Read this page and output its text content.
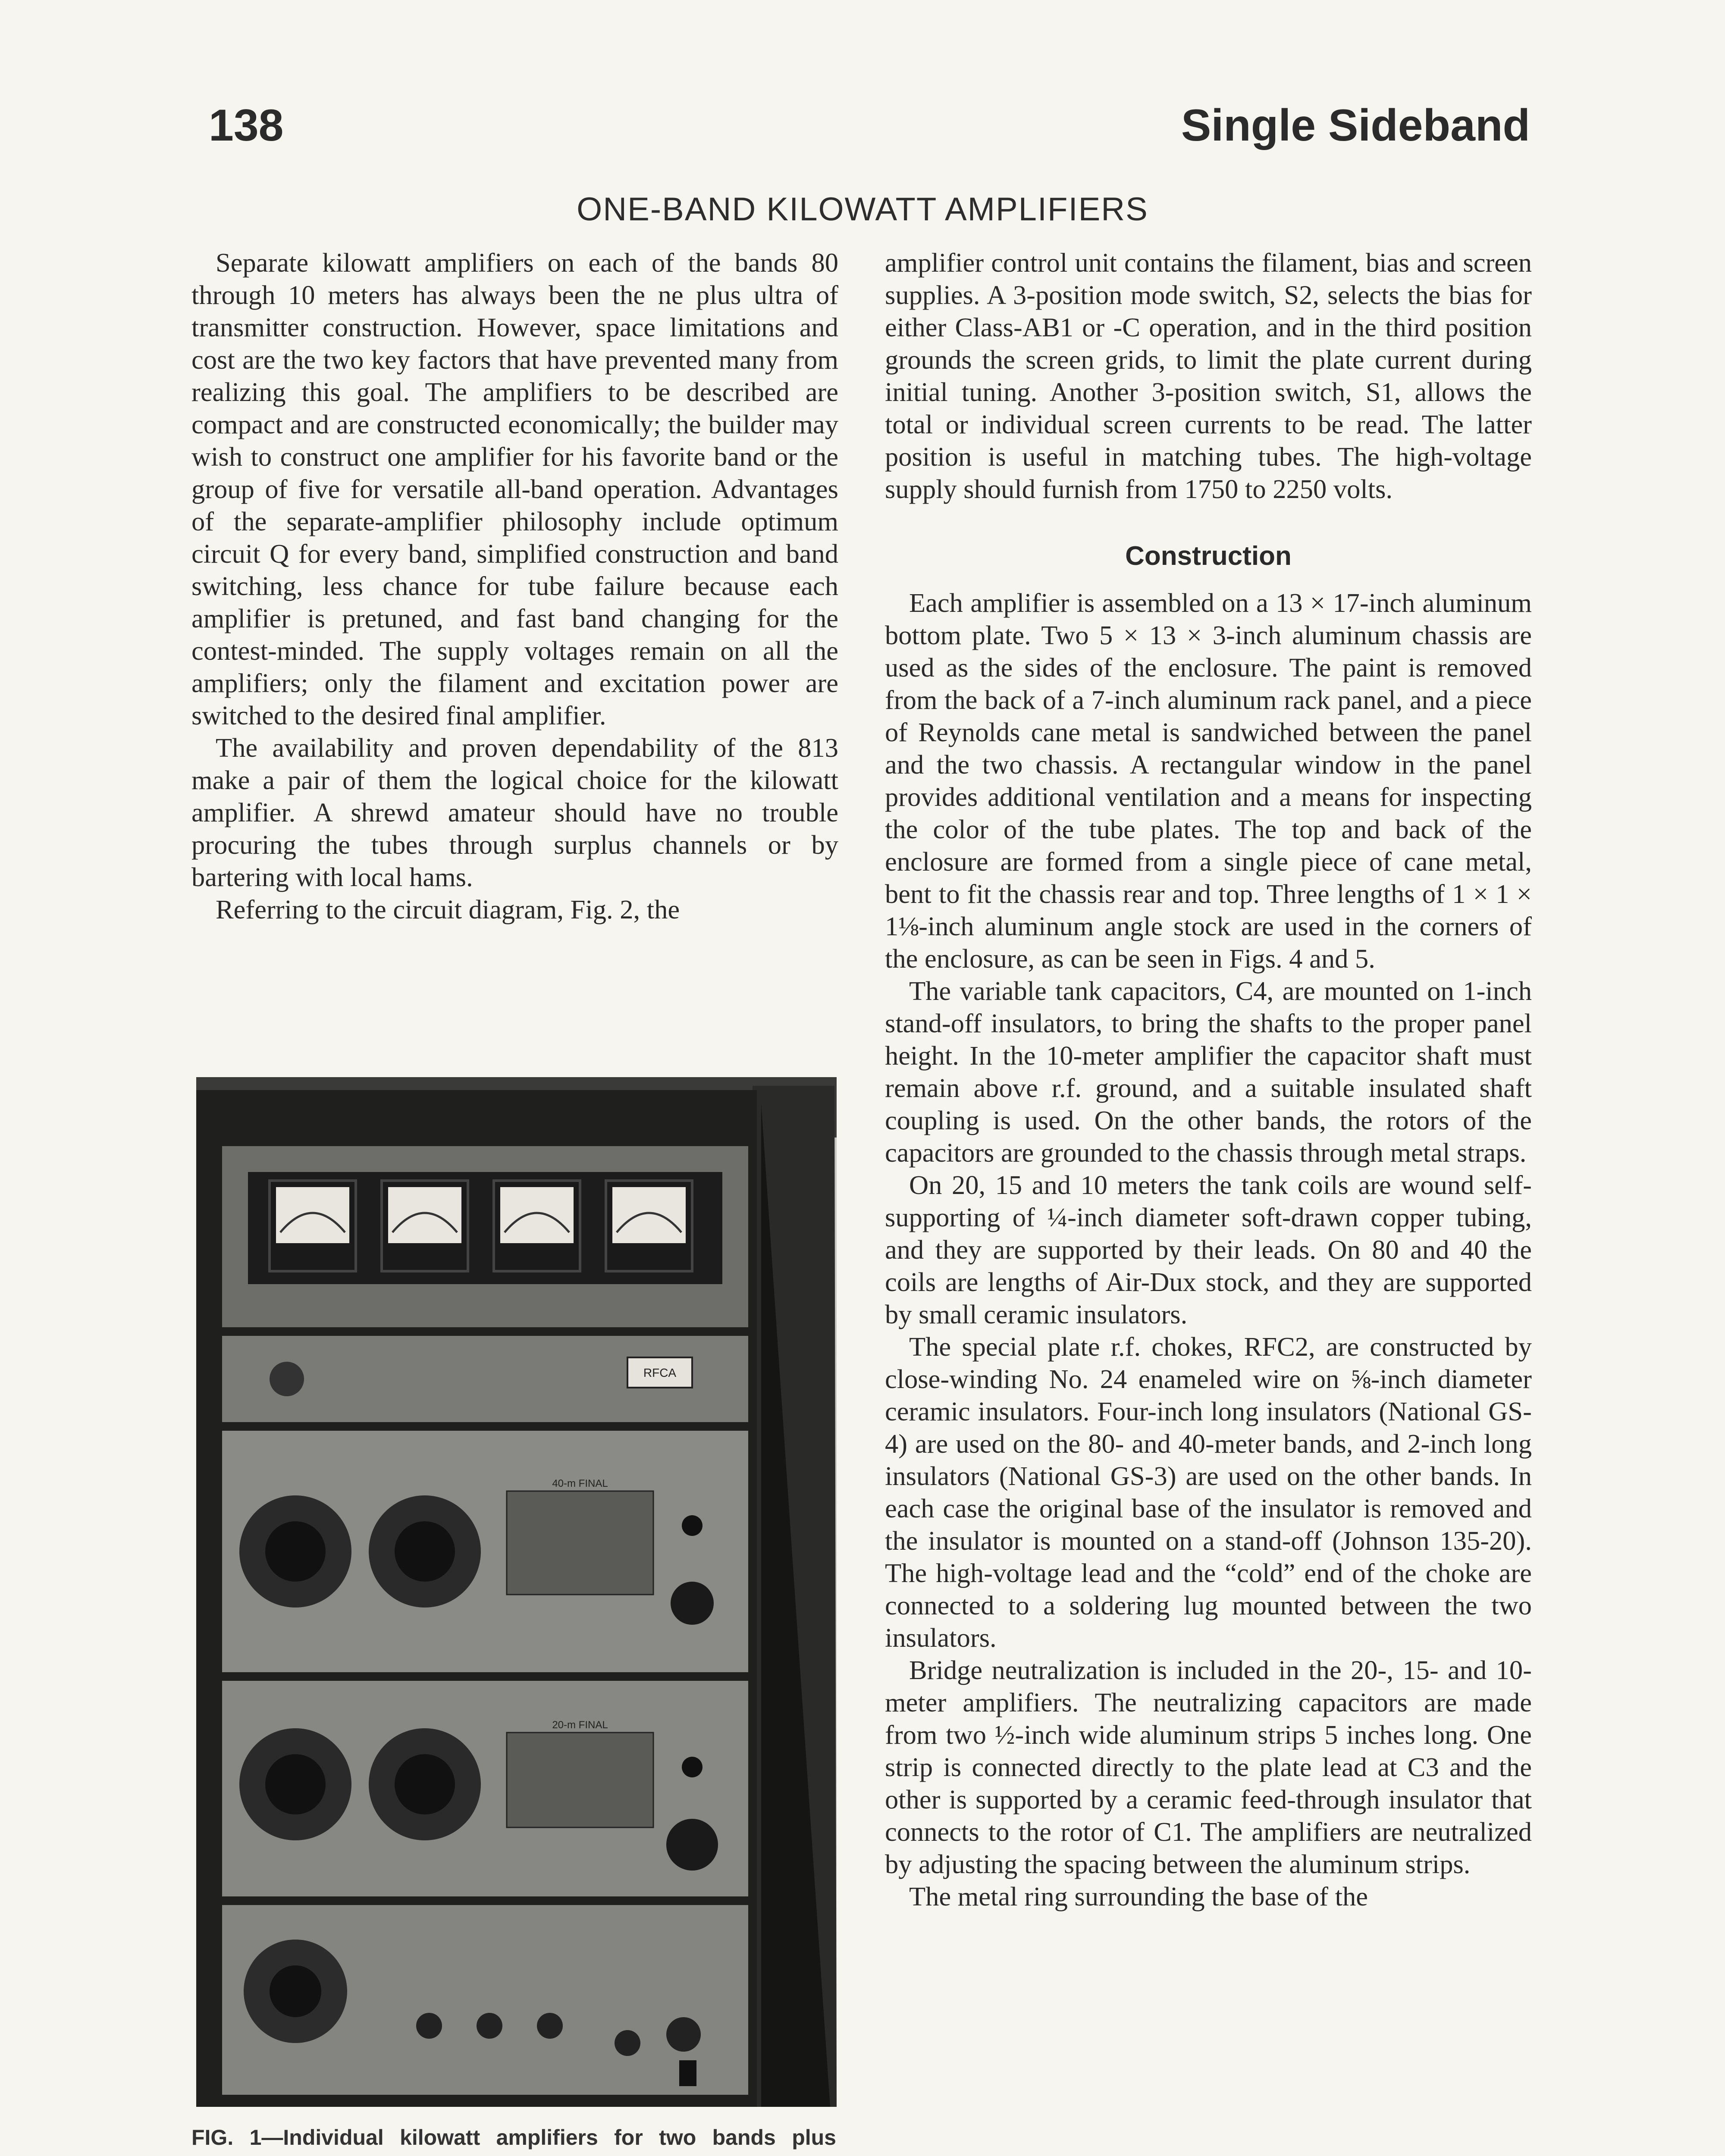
138	Single Sideband
ONE-BAND KILOWATT AMPLIFIERS

Separate kilowatt amplifiers on each of the bands 80 through 10 meters has always been the ne plus ultra of transmitter construction. However, space limitations and cost are the two key factors that have prevented many from realizing this goal. The amplifiers to be described are compact and are constructed economically; the builder may wish to construct one amplifier for his favorite band or the group of five for versatile all-band operation. Advantages of the separate-amplifier philosophy include optimum circuit Q for every band, simplified construction and band switching, less chance for tube failure because each amplifier is pretuned, and fast band changing for the contest-minded. The supply voltages remain on all the amplifiers; only the filament and excitation power are switched to the desired final amplifier.

The availability and proven dependability of the 813 make a pair of them the logical choice for the kilowatt amplifier. A shrewd amateur should have no trouble procuring the tubes through surplus channels or by bartering with local hams.

Referring to the circuit diagram, Fig. 2, the

RFCA
40-m FINAL
20-m FINAL
FIG. 1—Individual kilowatt amplifiers for two bands plus

amplifier control unit contains the filament, bias and screen supplies. A 3-position mode switch, S2, selects the bias for either Class-AB1 or -C operation, and in the third position grounds the screen grids, to limit the plate current during initial tuning. Another 3-position switch, S1, allows the total or individual screen currents to be read. The latter position is useful in matching tubes. The high-voltage supply should furnish from 1750 to 2250 volts.

Construction

Each amplifier is assembled on a 13 × 17-inch aluminum bottom plate. Two 5 × 13 × 3-inch aluminum chassis are used as the sides of the enclosure. The paint is removed from the back of a 7-inch aluminum rack panel, and a piece of Reynolds cane metal is sandwiched between the panel and the two chassis. A rectangular window in the panel provides additional ventilation and a means for inspecting the color of the tube plates. The top and back of the enclosure are formed from a single piece of cane metal, bent to fit the chassis rear and top. Three lengths of 1 × 1 × 1⅛-inch aluminum angle stock are used in the corners of the enclosure, as can be seen in Figs. 4 and 5.

The variable tank capacitors, C4, are mounted on 1-inch stand-off insulators, to bring the shafts to the proper panel height. In the 10-meter amplifier the capacitor shaft must remain above r.f. ground, and a suitable insulated shaft coupling is used. On the other bands, the rotors of the capacitors are grounded to the chassis through metal straps.

On 20, 15 and 10 meters the tank coils are wound self-supporting of ¼-inch diameter soft-drawn copper tubing, and they are supported by their leads. On 80 and 40 the coils are lengths of Air-Dux stock, and they are supported by small ceramic insulators.

The special plate r.f. chokes, RFC2, are constructed by close-winding No. 24 enameled wire on ⅝-inch diameter ceramic insulators. Four-inch long insulators (National GS-4) are used on the 80- and 40-meter bands, and 2-inch long insulators (National GS-3) are used on the other bands. In each case the original base of the insulator is removed and the insulator is mounted on a stand-off (Johnson 135-20). The high-voltage lead and the “cold” end of the choke are connected to a soldering lug mounted between the two insulators.

Bridge neutralization is included in the 20-, 15- and 10-meter amplifiers. The neutralizing capacitors are made from two ½-inch wide aluminum strips 5 inches long. One strip is connected directly to the plate lead at C3 and the other is supported by a ceramic feed-through insulator that connects to the rotor of C1. The amplifiers are neutralized by adjusting the spacing between the aluminum strips.

The metal ring surrounding the base of the
